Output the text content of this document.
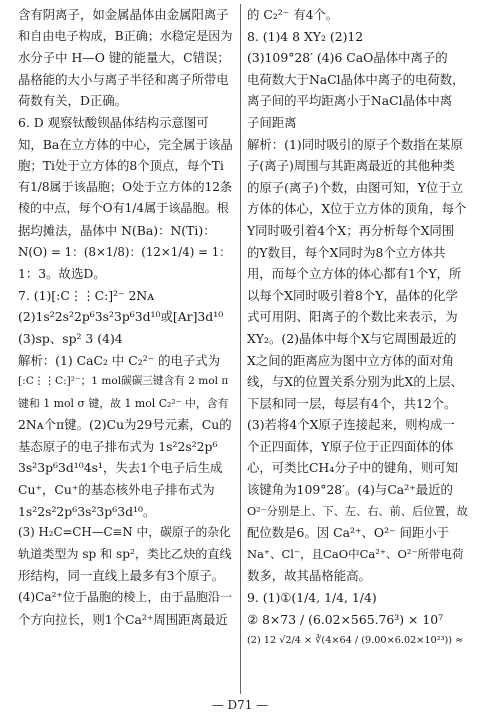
含有阴离子，如金属晶体由金属阳离子
和自由电子构成，B正确；水稳定是因为
水分子中 H—O 键的能量大，C错误；
晶格能的大小与离子半径和离子所带电
荷数有关，D正确。
6. D 观察钛酸钡晶体结构示意图可
知，Ba在立方体的中心，完全属于该晶
胞；Ti处于立方体的8个顶点，每个Ti
有1/8属于该晶胞；O处于立方体的12条
棱的中点，每个O有1/4属于该晶胞。根
据均摊法，晶体中 N(Ba)：N(Ti)：
N(O) = 1：(8×1/8)：(12×1/4) = 1：
1：3。故选D。
7. (1)[:C⋮⋮C:]²⁻ 2Nᴀ
(2)1s²2s²2p⁶3s²3p⁶3d¹⁰或[Ar]3d¹⁰
(3)sp、sp² 3 (4)4
解析：(1) CaC₂ 中 C₂²⁻ 的电子式为
[:C⋮⋮C:]²⁻；1 mol碳碳三键含有 2 mol π
键和 1 mol σ 键，故 1 mol C₂²⁻ 中，含有
2Nᴀ个π键。(2)Cu为29号元素，Cu的
基态原子的电子排布式为 1s²2s²2p⁶
3s²3p⁶3d¹⁰4s¹，失去1个电子后生成
Cu⁺，Cu⁺的基态核外电子排布式为
1s²2s²2p⁶3s²3p⁶3d¹⁰。
(3) H₂C=CH—C≡N 中，碳原子的杂化
轨道类型为 sp 和 sp²，类比乙炔的直线
形结构，同一直线上最多有3个原子。
(4)Ca²⁺位于晶胞的棱上，由于晶胞沿一
个方向拉长，则1个Ca²⁺周围距离最近
的 C₂²⁻ 有4个。
8. (1)4 8 XY₂ (2)12
(3)109°28′ (4)6 CaO晶体中离子的
电荷数大于NaCl晶体中离子的电荷数，
离子间的平均距离小于NaCl晶体中离
子间距离
解析：(1)同时吸引的原子个数指在某原
子(离子)周围与其距离最近的其他种类
的原子(离子)个数，由图可知，Y位于立
方体的体心，X位于立方体的顶角，每个
Y同时吸引着4个X；再分析每个X同围
的Y数目，每个X同时为8个立方体共
用，而每个立方体的体心都有1个Y，所
以每个X同时吸引着8个Y，晶体的化学
式可用阴、阳离子的个数比来表示，为
XY₂。(2)晶体中每个X与它周围最近的
X之间的距离应为图中立方体的面对角
线，与X的位置关系分别为此X的上层、
下层和同一层，每层有4个，共12个。
(3)若将4个X原子连接起来，则构成一
个正四面体，Y原子位于正四面体的体
心，可类比CH₄分子中的键角，则可知
该键角为109°28′。(4)与Ca²⁺最近的
O²⁻分别是上、下、左、右、前、后位置，故
配位数是6。因 Ca²⁺、O²⁻ 间距小于
Na⁺、Cl⁻，且CaO中Ca²⁺、O²⁻所带电荷
数多，故其晶格能高。
9. (1)①(1/4, 1/4, 1/4)
② 8×73 / (6.02×565.76³) × 10⁷
(2) 12 √2/4 × ∛(4×64 / (9.00×6.02×10²³)) ≈
— D71 —
